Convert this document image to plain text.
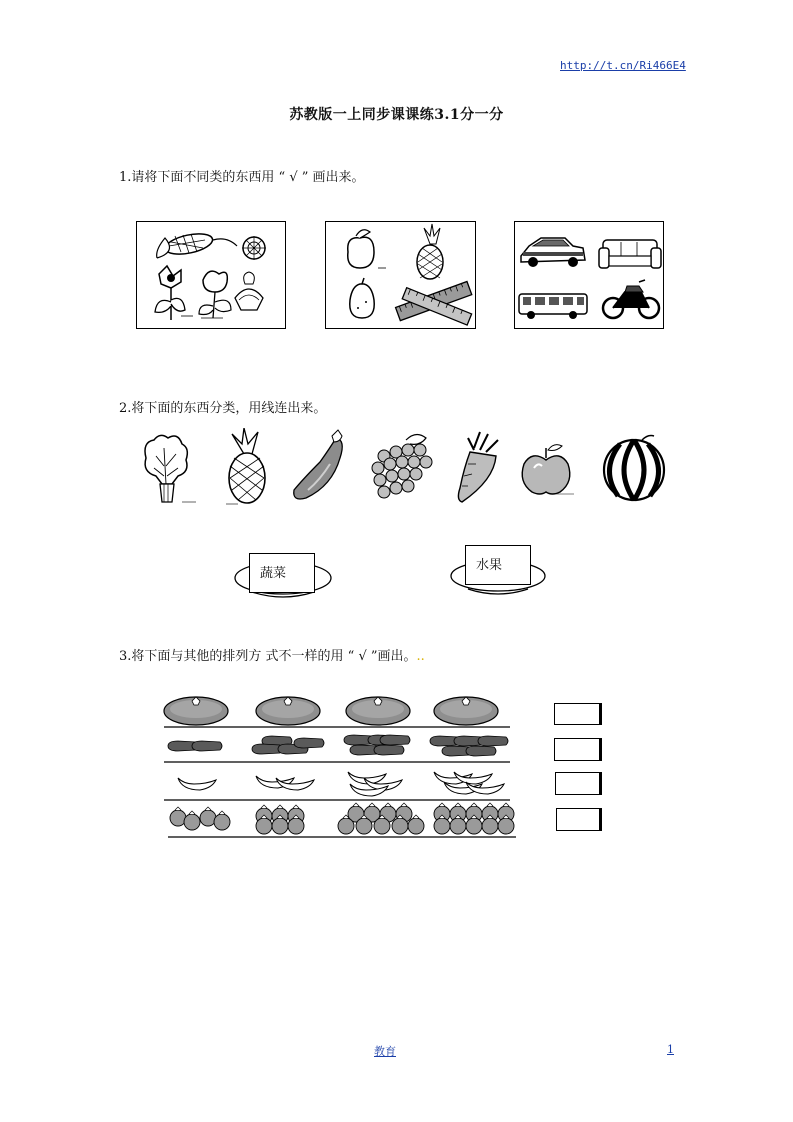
http://t.cn/Ri466E4
苏教版一上同步课课练3.1分一分
1.请将下面不同类的东西用 “ √ ” 画出来。
2.将下面的东西分类，用线连出来。
蔬菜
水果
3.将下面与其他的排列方 式不一样的用 “ √ ”画出。..
教育	1
